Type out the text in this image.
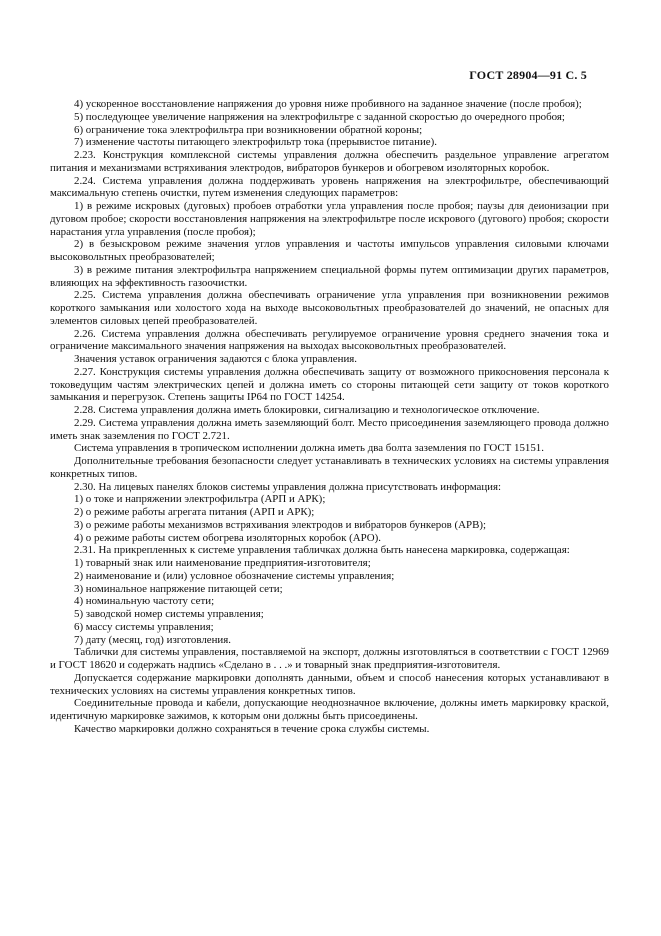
ГОСТ 28904—91 С. 5

4) ускоренное восстановление напряжения до уровня ниже пробивного на заданное значение (после пробоя);

5) последующее увеличение напряжения на электрофильтре с заданной скоростью до очередного пробоя;

6) ограничение тока электрофильтра при возникновении обратной короны;

7) изменение частоты питающего электрофильтр тока (прерывистое питание).

2.23. Конструкция комплексной системы управления должна обеспечить раздельное управление агрегатом питания и механизмами встряхивания электродов, вибраторов бункеров и обогревом изоляторных коробок.

2.24. Система управления должна поддерживать уровень напряжения на электрофильтре, обеспечивающий максимальную степень очистки, путем изменения следующих параметров:

1) в режиме искровых (дуговых) пробоев отработки угла управления после пробоя; паузы для деионизации при дуговом пробое; скорости восстановления напряжения на электрофильтре после искрового (дугового) пробоя; скорости нарастания угла управления (после пробоя);

2) в безыскровом режиме значения углов управления и частоты импульсов управления силовыми ключами высоковольтных преобразователей;

3) в режиме питания электрофильтра напряжением специальной формы путем оптимизации других параметров, влияющих на эффективность газоочистки.

2.25. Система управления должна обеспечивать ограничение угла управления при возникновении режимов короткого замыкания или холостого хода на выходе высоковольтных преобразователей до значений, не опасных для элементов силовых цепей преобразователей.

2.26. Система управления должна обеспечивать регулируемое ограничение уровня среднего значения тока и ограничение максимального значения напряжения на выходах высоковольтных преобразователей.

Значения уставок ограничения задаются с блока управления.

2.27. Конструкция системы управления должна обеспечивать защиту от возможного прикосновения персонала к токоведущим частям электрических цепей и должна иметь со стороны питающей сети защиту от токов короткого замыкания и перегрузок. Степень защиты IP64 по ГОСТ 14254.

2.28. Система управления должна иметь блокировки, сигнализацию и технологическое отключение.

2.29. Система управления должна иметь заземляющий болт. Место присоединения заземляющего провода должно иметь знак заземления по ГОСТ 2.721.

Система управления в тропическом исполнении должна иметь два болта заземления по ГОСТ 15151.

Дополнительные требования безопасности следует устанавливать в технических условиях на системы управления конкретных типов.

2.30. На лицевых панелях блоков системы управления должна присутствовать информация:

1) о токе и напряжении электрофильтра (АРП и АРК);

2) о режиме работы агрегата питания (АРП и АРК);

3) о режиме работы механизмов встряхивания электродов и вибраторов бункеров (АРВ);

4) о режиме работы систем обогрева изоляторных коробок (АРО).

2.31. На прикрепленных к системе управления табличках должна быть нанесена маркировка, содержащая:

1) товарный знак или наименование предприятия-изготовителя;

2) наименование и (или) условное обозначение системы управления;

3) номинальное напряжение питающей сети;

4) номинальную частоту сети;

5) заводской номер системы управления;

6) массу системы управления;

7) дату (месяц, год) изготовления.

Таблички для системы управления, поставляемой на экспорт, должны изготовляться в соответствии с ГОСТ 12969 и ГОСТ 18620 и содержать надпись «Сделано в . . .» и товарный знак предприятия-изготовителя.

Допускается содержание маркировки дополнять данными, объем и способ нанесения которых устанавливают в технических условиях на системы управления конкретных типов.

Соединительные провода и кабели, допускающие неоднозначное включение, должны иметь маркировку краской, идентичную маркировке зажимов, к которым они должны быть присоединены.

Качество маркировки должно сохраняться в течение срока службы системы.
